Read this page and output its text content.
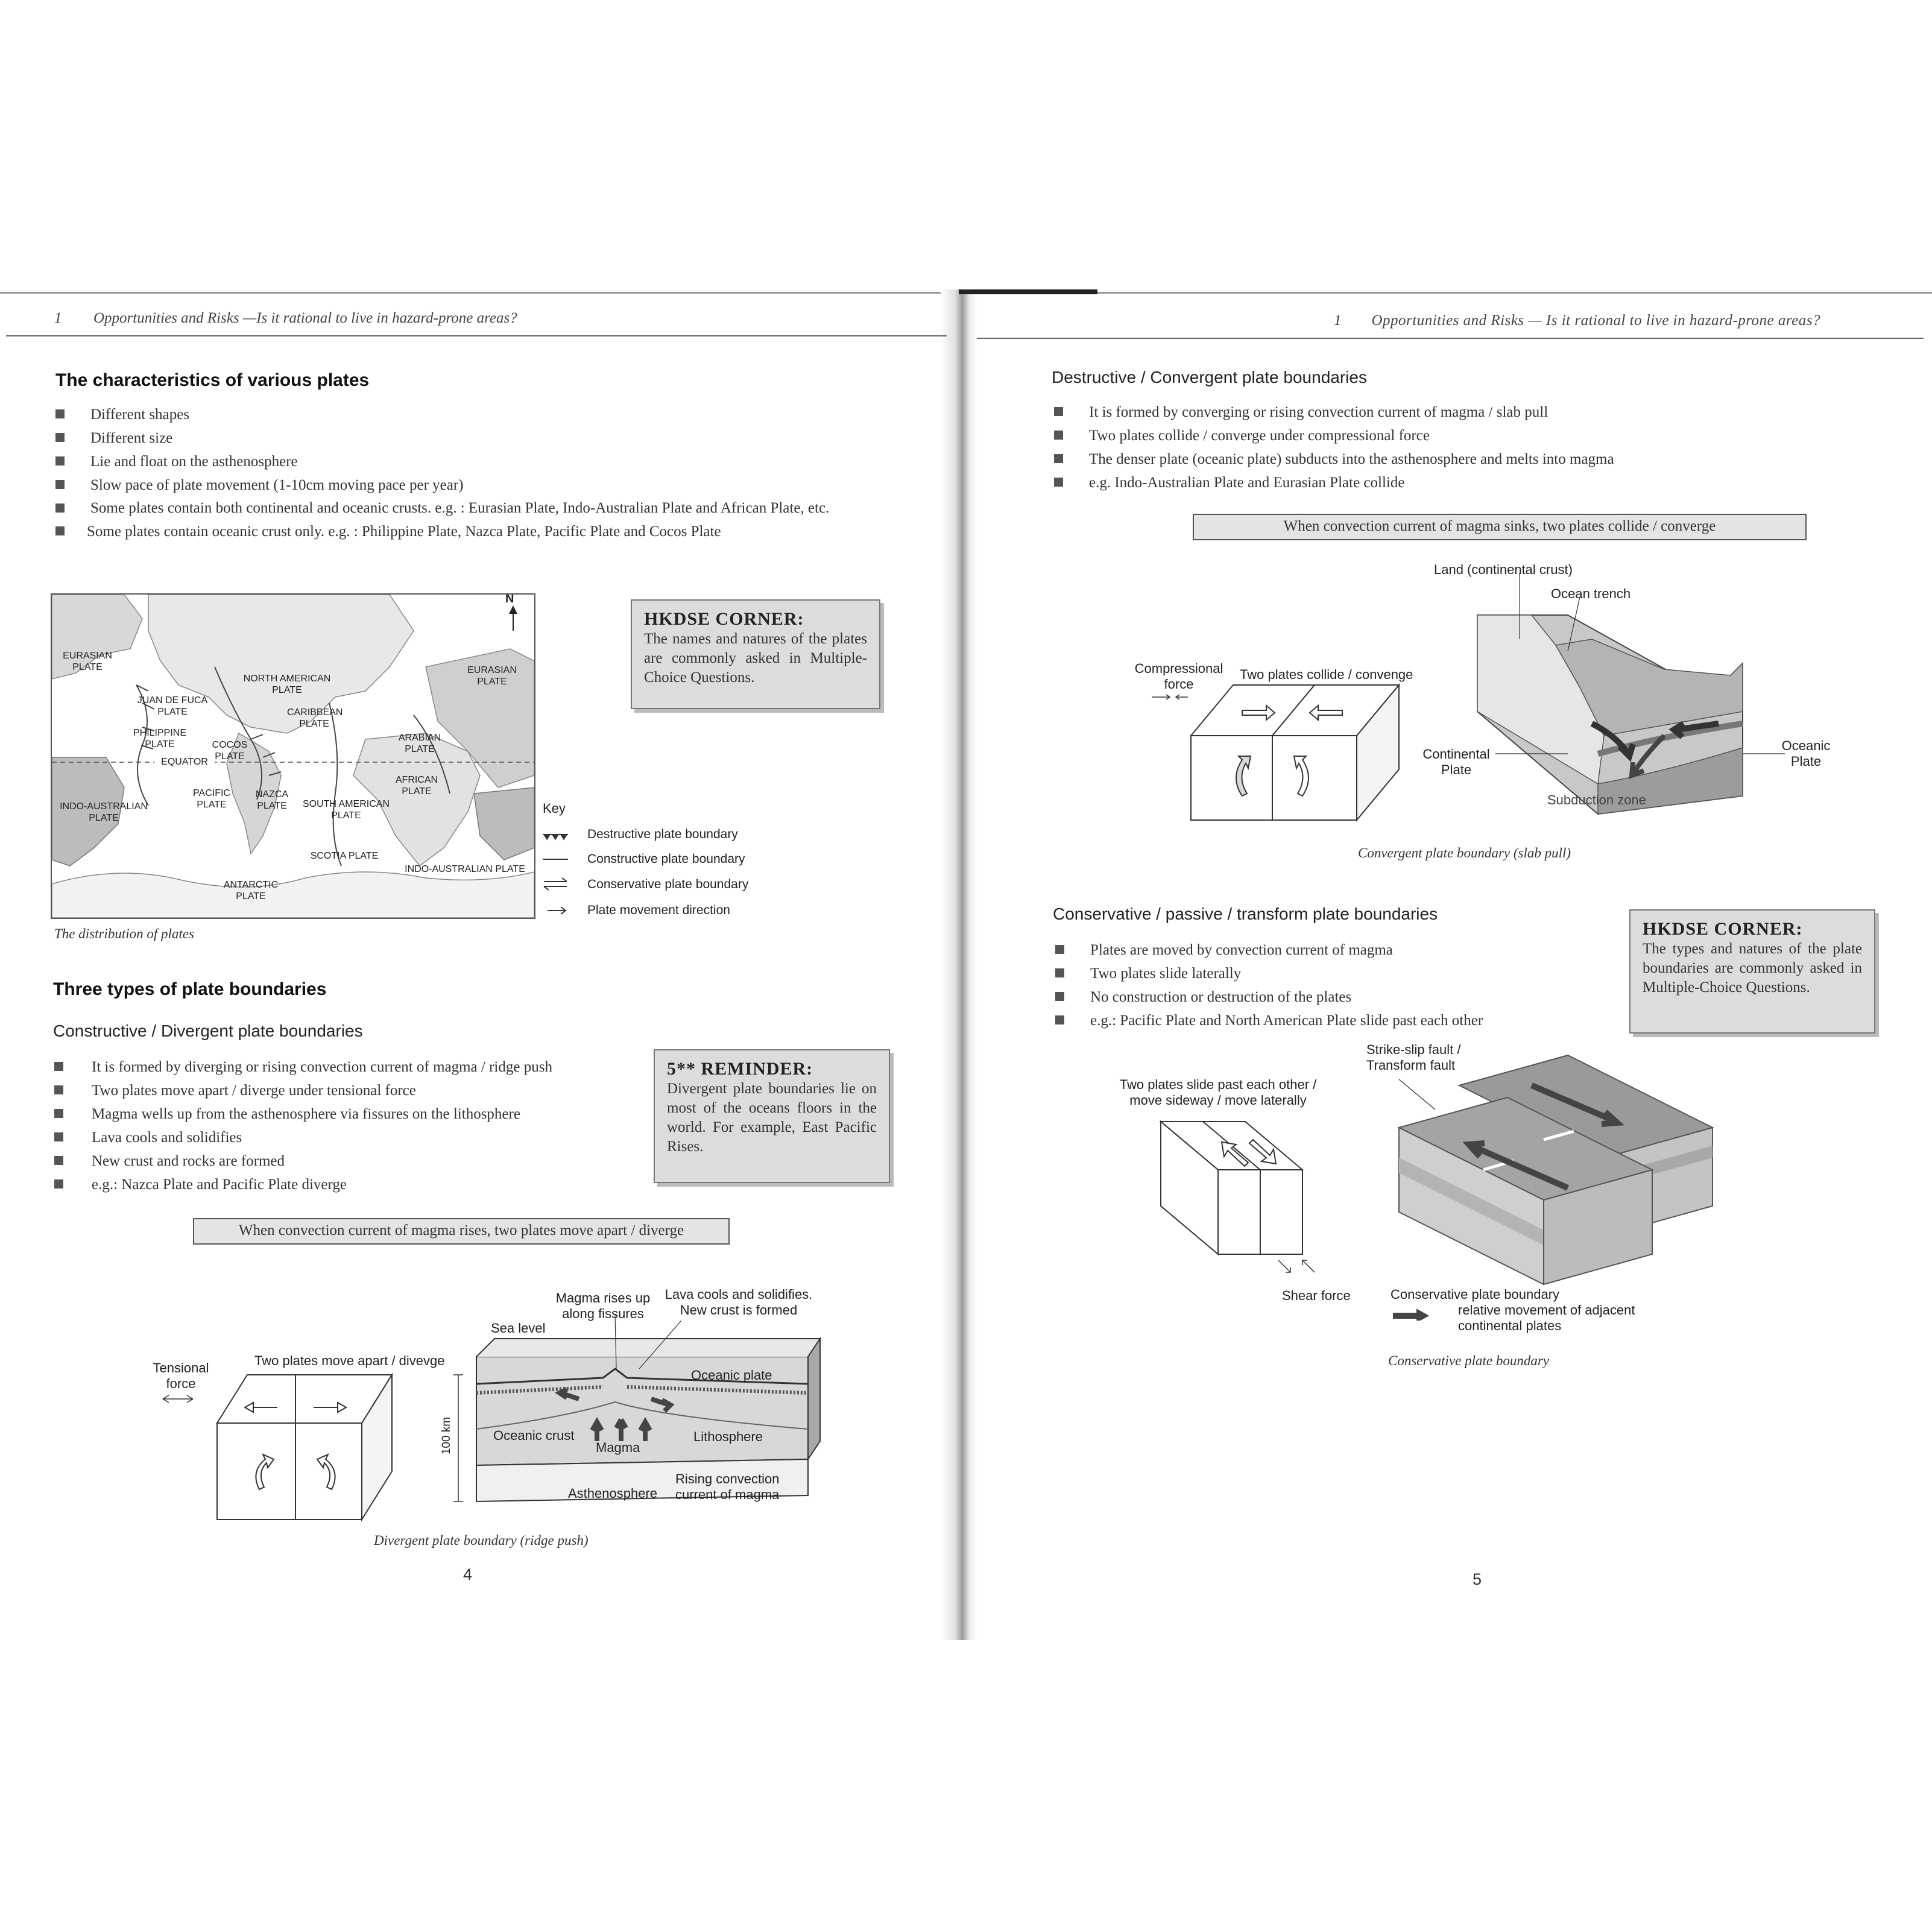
1 Opportunities and Risks —Is it rational to live in hazard-prone areas?
The characteristics of various plates
Different shapes
Different size
Lie and float on the asthenosphere
Slow pace of plate movement (1-10cm moving pace per year)
Some plates contain both continental and oceanic crusts. e.g. : Eurasian Plate, Indo-Australian Plate and African Plate, etc.
Some plates contain oceanic crust only. e.g. : Philippine Plate, Nazca Plate, Pacific Plate and Cocos Plate
N
EURASIAN PLATE	EURASIAN PLATE
NORTH AMERICAN PLATE
JUAN DE FUCA PLATE	CARIBBEAN PLATE
PHILIPPINE PLATE	COCOS PLATE
ARABIAN PLATE
EQUATOR
AFRICAN PLATE
PACIFIC PLATE
NAZCA PLATE	SOUTH AMERICAN PLATE
INDO-AUSTRALIAN PLATE
SCOTIA PLATE
INDO-AUSTRALIAN PLATE
ANTARCTIC PLATE
The distribution of plates
Key
Destructive plate boundary
Constructive plate boundary
Conservative plate boundary
Plate movement direction
HKDSE CORNER:
The names and natures of the plates are commonly asked in Multiple-Choice Questions.
Three types of plate boundaries
Constructive / Divergent plate boundaries
It is formed by diverging or rising convection current of magma / ridge push
Two plates move apart / diverge under tensional force
Magma wells up from the asthenosphere via fissures on the lithosphere
Lava cools and solidifies
New crust and rocks are formed
e.g.: Nazca Plate and Pacific Plate diverge
5** REMINDER:
Divergent plate boundaries lie on most of the oceans floors in the world. For example, East Pacific Rises.
When convection current of magma rises, two plates move apart / diverge
Tensional force
Two plates move apart / divevge
Sea level
Magma rises up along fissures
Lava cools and solidifies. New crust is formed
Oceanic plate
Oceanic crust	Lithosphere
Magma
100 km
Asthenosphere
Rising convection current of magma
Divergent plate boundary (ridge push)
4
1 Opportunities and Risks — Is it rational to live in hazard-prone areas?
Destructive / Convergent plate boundaries
It is formed by converging or rising convection current of magma / slab pull
Two plates collide / converge under compressional force
The denser plate (oceanic plate) subducts into the asthenosphere and melts into magma
e.g. Indo-Australian Plate and Eurasian Plate collide
When convection current of magma sinks, two plates collide / converge
Land (continental crust)
Ocean trench
Compressional force
Two plates collide / convenge
Continental Plate
Oceanic Plate
Subduction zone
Convergent plate boundary (slab pull)
Conservative / passive / transform plate boundaries
Plates are moved by convection current of magma
Two plates slide laterally
No construction or destruction of the plates
e.g.: Pacific Plate and North American Plate slide past each other
HKDSE CORNER:
The types and natures of the plate boundaries are commonly asked in Multiple-Choice Questions.
Two plates slide past each other / move sideway / move laterally
Strike-slip fault / Transform fault
Shear force	Conservative plate boundary
relative movement of adjacent continental plates
Conservative plate boundary
5
